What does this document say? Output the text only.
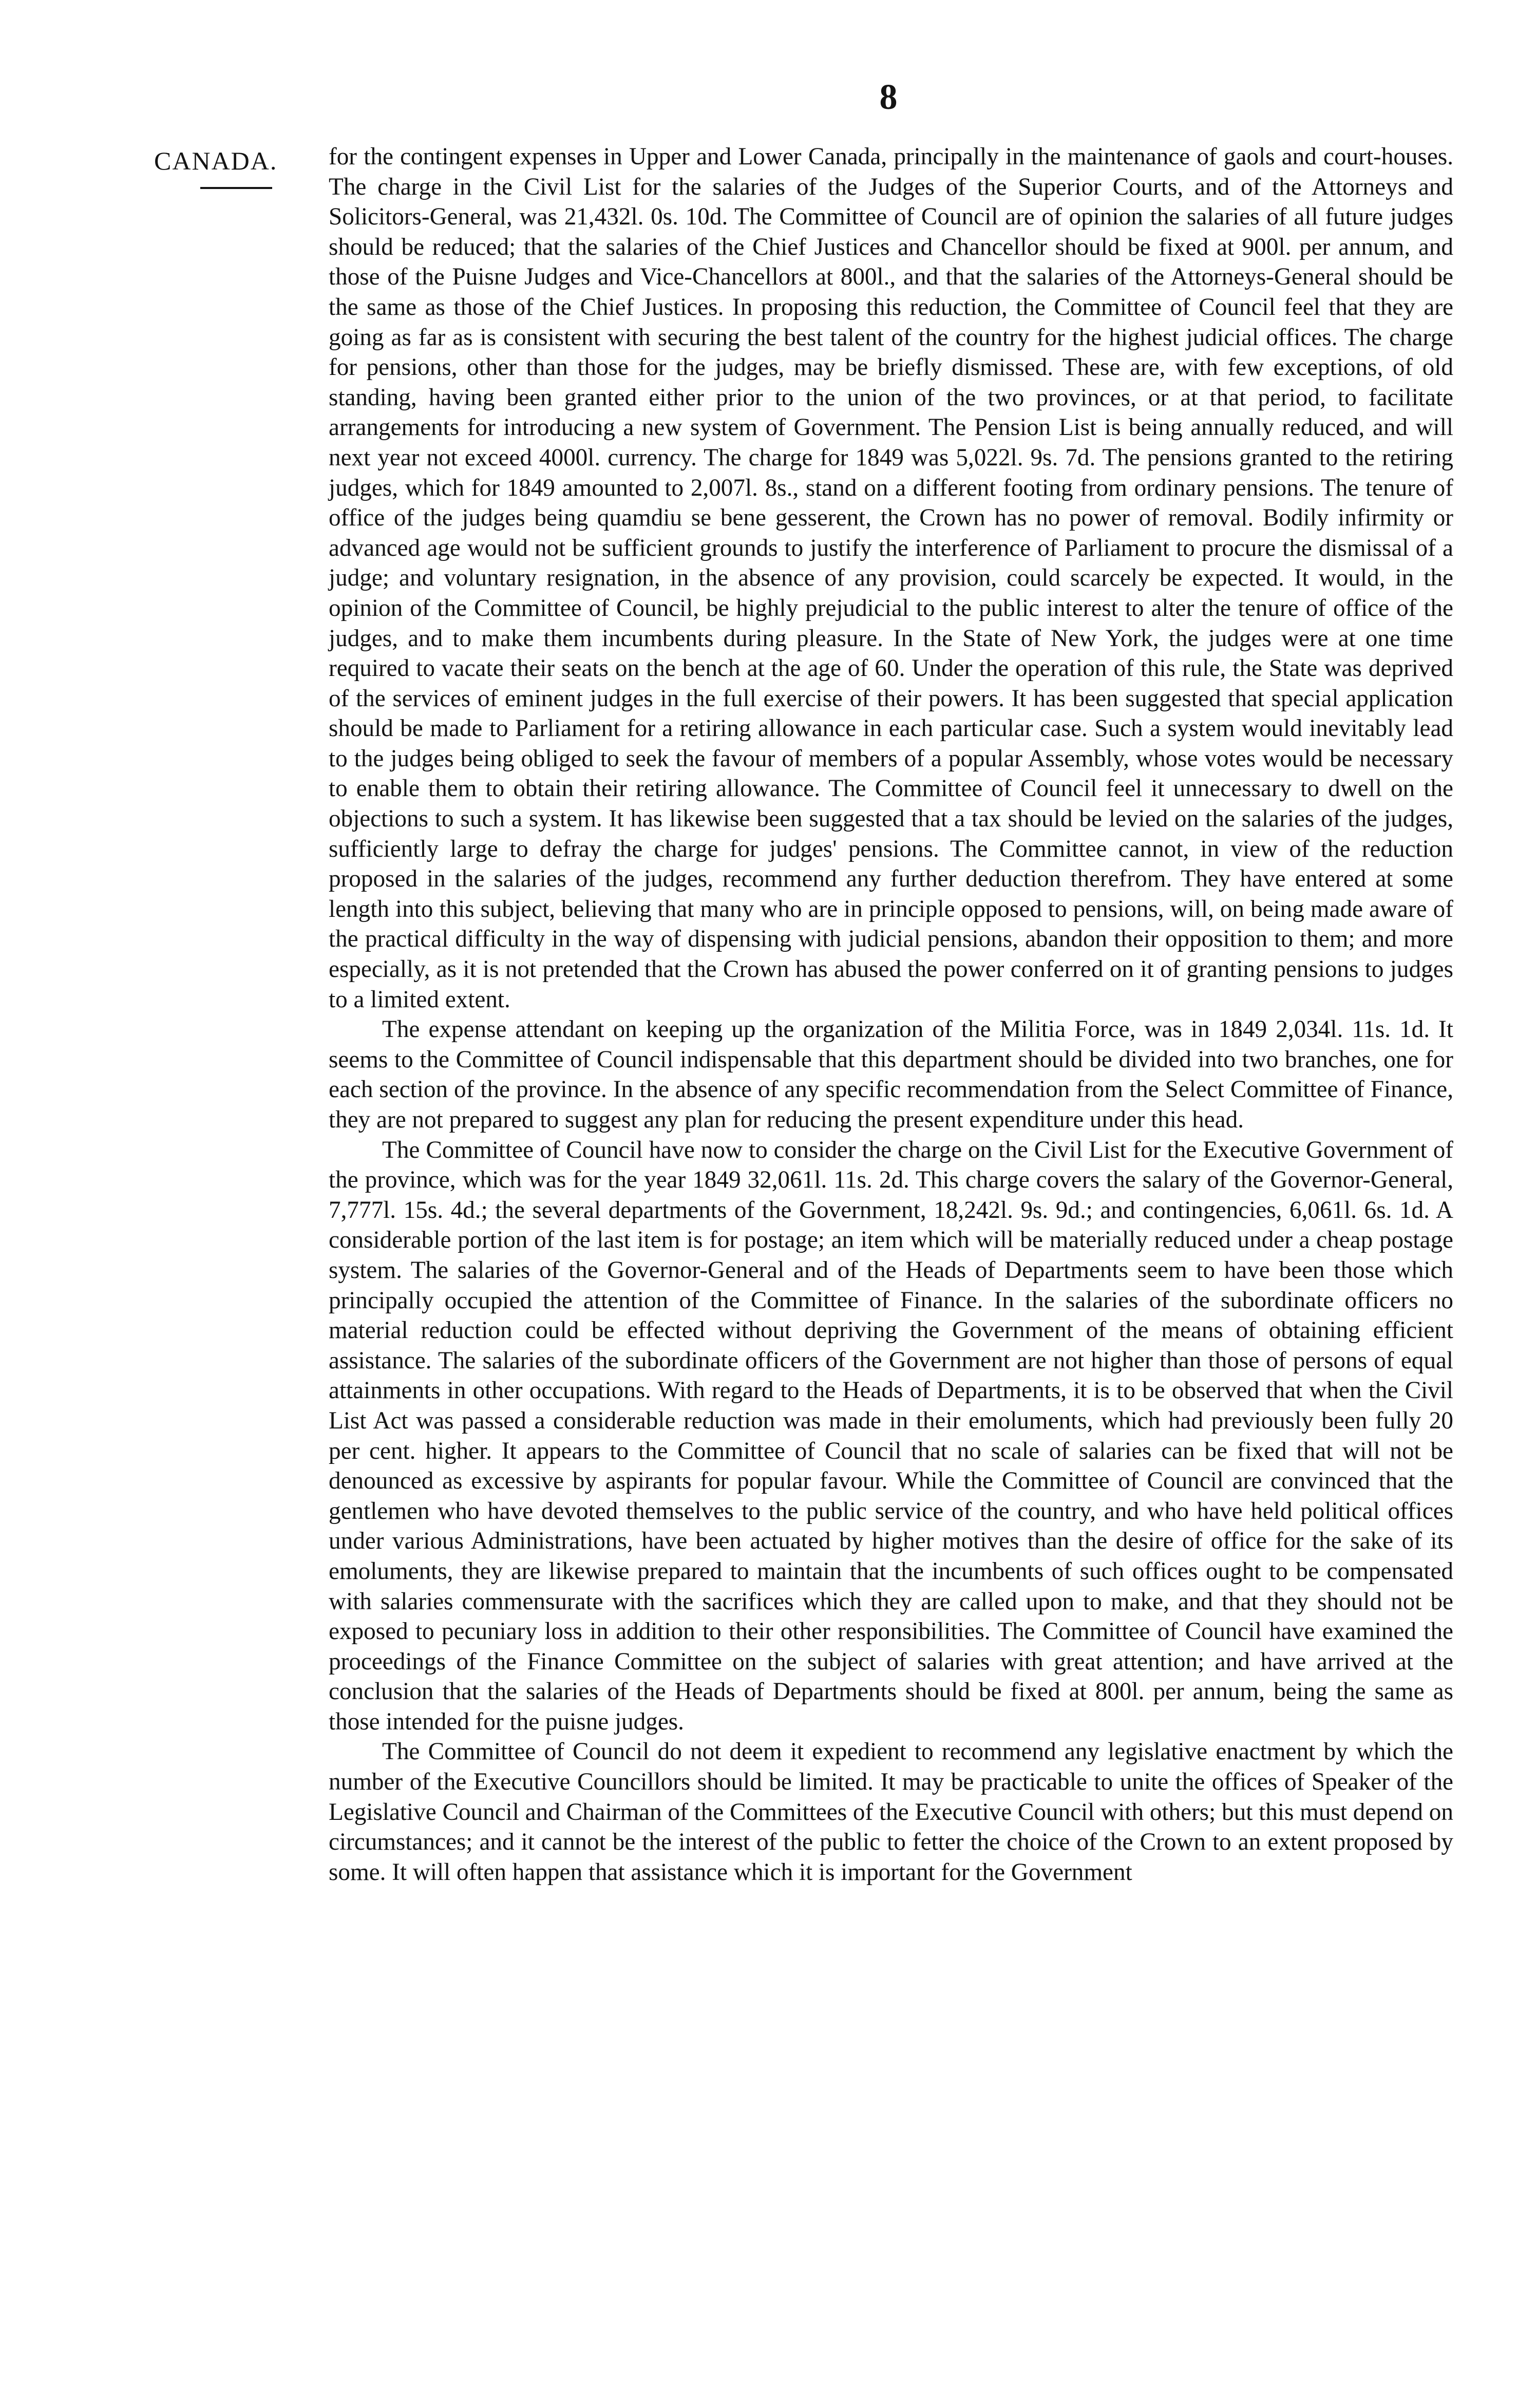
8
CANADA. for the contingent expenses in Upper and Lower Canada, principally in the maintenance of gaols and court-houses. The charge in the Civil List for the salaries of the Judges of the Superior Courts, and of the Attorneys and Solicitors-General, was 21,432l. 0s. 10d. The Committee of Council are of opinion the salaries of all future judges should be reduced; that the salaries of the Chief Justices and Chancellor should be fixed at 900l. per annum, and those of the Puisne Judges and Vice-Chancellors at 800l., and that the salaries of the Attorneys-General should be the same as those of the Chief Justices. In proposing this reduction, the Committee of Council feel that they are going as far as is consistent with securing the best talent of the country for the highest judicial offices. The charge for pensions, other than those for the judges, may be briefly dismissed. These are, with few exceptions, of old standing, having been granted either prior to the union of the two provinces, or at that period, to facilitate arrangements for introducing a new system of Government. The Pension List is being annually reduced, and will next year not exceed 4000l. currency. The charge for 1849 was 5,022l. 9s. 7d. The pensions granted to the retiring judges, which for 1849 amounted to 2,007l. 8s., stand on a different footing from ordinary pensions. The tenure of office of the judges being quamdiu se bene gesserent, the Crown has no power of removal. Bodily infirmity or advanced age would not be sufficient grounds to justify the interference of Parliament to procure the dismissal of a judge; and voluntary resignation, in the absence of any provision, could scarcely be expected. It would, in the opinion of the Committee of Council, be highly prejudicial to the public interest to alter the tenure of office of the judges, and to make them incumbents during pleasure. In the State of New York, the judges were at one time required to vacate their seats on the bench at the age of 60. Under the operation of this rule, the State was deprived of the services of eminent judges in the full exercise of their powers. It has been suggested that special application should be made to Parliament for a retiring allowance in each particular case. Such a system would inevitably lead to the judges being obliged to seek the favour of members of a popular Assembly, whose votes would be necessary to enable them to obtain their retiring allowance. The Committee of Council feel it unnecessary to dwell on the objections to such a system. It has likewise been suggested that a tax should be levied on the salaries of the judges, sufficiently large to defray the charge for judges' pensions. The Committee cannot, in view of the reduction proposed in the salaries of the judges, recommend any further deduction therefrom. They have entered at some length into this subject, believing that many who are in principle opposed to pensions, will, on being made aware of the practical difficulty in the way of dispensing with judicial pensions, abandon their opposition to them; and more especially, as it is not pretended that the Crown has abused the power conferred on it of granting pensions to judges to a limited extent.

The expense attendant on keeping up the organization of the Militia Force, was in 1849 2,034l. 11s. 1d. It seems to the Committee of Council indispensable that this department should be divided into two branches, one for each section of the province. In the absence of any specific recommendation from the Select Committee of Finance, they are not prepared to suggest any plan for reducing the present expenditure under this head.

The Committee of Council have now to consider the charge on the Civil List for the Executive Government of the province, which was for the year 1849 32,061l. 11s. 2d. This charge covers the salary of the Governor-General, 7,777l. 15s. 4d.; the several departments of the Government, 18,242l. 9s. 9d.; and contingencies, 6,061l. 6s. 1d. A considerable portion of the last item is for postage; an item which will be materially reduced under a cheap postage system. The salaries of the Governor-General and of the Heads of Departments seem to have been those which principally occupied the attention of the Committee of Finance. In the salaries of the subordinate officers no material reduction could be effected without depriving the Government of the means of obtaining efficient assistance. The salaries of the subordinate officers of the Government are not higher than those of persons of equal attainments in other occupations. With regard to the Heads of Departments, it is to be observed that when the Civil List Act was passed a considerable reduction was made in their emoluments, which had previously been fully 20 per cent. higher. It appears to the Committee of Council that no scale of salaries can be fixed that will not be denounced as excessive by aspirants for popular favour. While the Committee of Council are convinced that the gentlemen who have devoted themselves to the public service of the country, and who have held political offices under various Administrations, have been actuated by higher motives than the desire of office for the sake of its emoluments, they are likewise prepared to maintain that the incumbents of such offices ought to be compensated with salaries commensurate with the sacrifices which they are called upon to make, and that they should not be exposed to pecuniary loss in addition to their other responsibilities. The Committee of Council have examined the proceedings of the Finance Committee on the subject of salaries with great attention; and have arrived at the conclusion that the salaries of the Heads of Departments should be fixed at 800l. per annum, being the same as those intended for the puisne judges.

The Committee of Council do not deem it expedient to recommend any legislative enactment by which the number of the Executive Councillors should be limited. It may be practicable to unite the offices of Speaker of the Legislative Council and Chairman of the Committees of the Executive Council with others; but this must depend on circumstances; and it cannot be the interest of the public to fetter the choice of the Crown to an extent proposed by some. It will often happen that assistance which it is important for the Government
